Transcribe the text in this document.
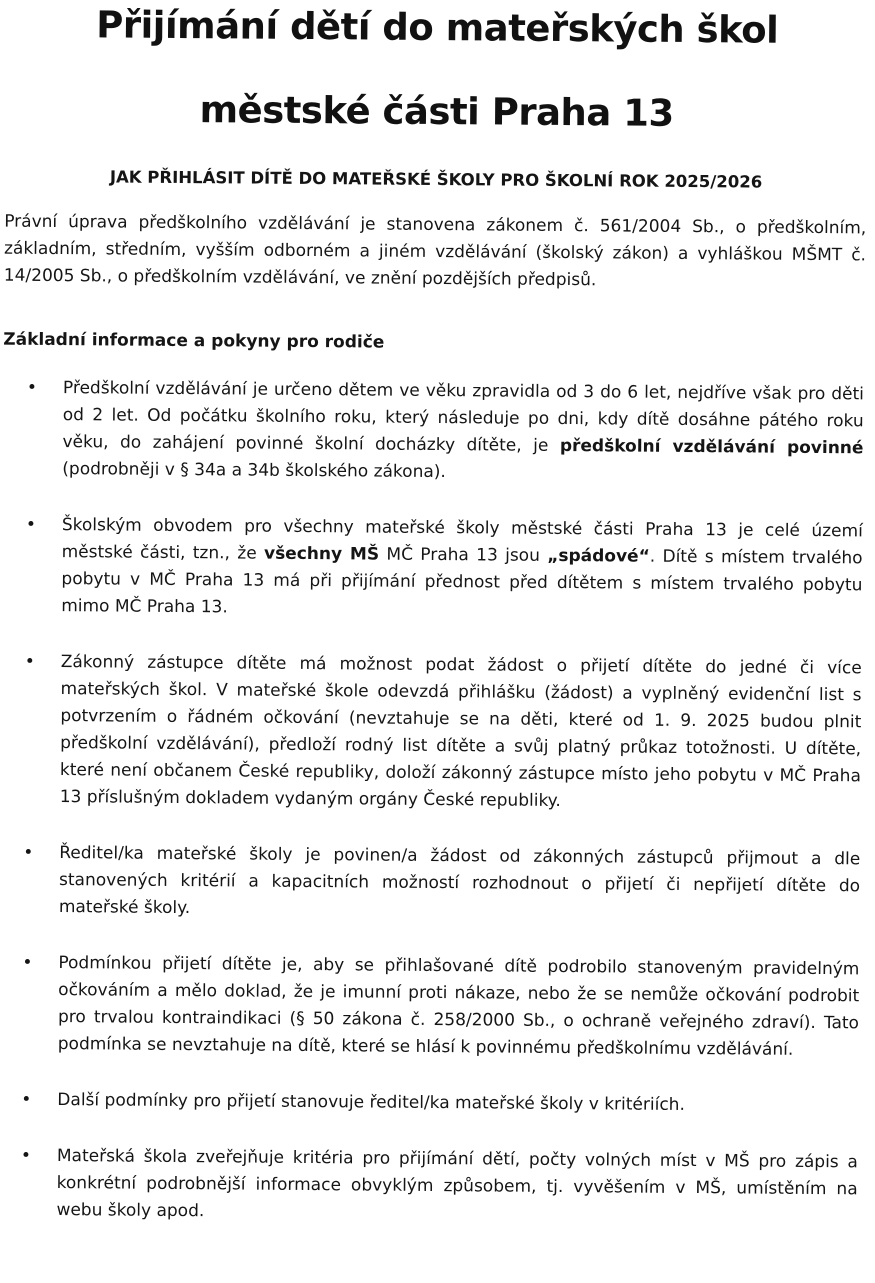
Přijímání dětí do mateřských škol
městské části Praha 13
JAK PŘIHLÁSIT DÍTĚ DO MATEŘSKÉ ŠKOLY PRO ŠKOLNÍ ROK 2025/2026

Právní úprava předškolního vzdělávání je stanovena zákonem č. 561/2004 Sb., o předškolním, základním, středním, vyšším odborném a jiném vzdělávání (školský zákon) a vyhláškou MŠMT č. 14/2005 Sb., o předškolním vzdělávání, ve znění pozdějších předpisů.

Základní informace a pokyny pro rodiče
• Předškolní vzdělávání je určeno dětem ve věku zpravidla od 3 do 6 let, nejdříve však pro děti od 2 let. Od počátku školního roku, který následuje po dni, kdy dítě dosáhne pátého roku věku, do zahájení povinné školní docházky dítěte, je předškolní vzdělávání povinné (podrobněji v § 34a a 34b školského zákona).
• Školským obvodem pro všechny mateřské školy městské části Praha 13 je celé území městské části, tzn., že všechny MŠ MČ Praha 13 jsou „spádové“. Dítě s místem trvalého pobytu v MČ Praha 13 má při přijímání přednost před dítětem s místem trvalého pobytu mimo MČ Praha 13.
• Zákonný zástupce dítěte má možnost podat žádost o přijetí dítěte do jedné či více mateřských škol. V mateřské škole odevzdá přihlášku (žádost) a vyplněný evidenční list s potvrzením o řádném očkování (nevztahuje se na děti, které od 1. 9. 2025 budou plnit předškolní vzdělávání), předloží rodný list dítěte a svůj platný průkaz totožnosti. U dítěte, které není občanem České republiky, doloží zákonný zástupce místo jeho pobytu v MČ Praha 13 příslušným dokladem vydaným orgány České republiky.
• Ředitel/ka mateřské školy je povinen/a žádost od zákonných zástupců přijmout a dle stanovených kritérií a kapacitních možností rozhodnout o přijetí či nepřijetí dítěte do mateřské školy.
• Podmínkou přijetí dítěte je, aby se přihlašované dítě podrobilo stanoveným pravidelným očkováním a mělo doklad, že je imunní proti nákaze, nebo že se nemůže očkování podrobit pro trvalou kontraindikaci (§ 50 zákona č. 258/2000 Sb., o ochraně veřejného zdraví). Tato podmínka se nevztahuje na dítě, které se hlásí k povinnému předškolnímu vzdělávání.
• Další podmínky pro přijetí stanovuje ředitel/ka mateřské školy v kritériích.
• Mateřská škola zveřejňuje kritéria pro přijímání dětí, počty volných míst v MŠ pro zápis a konkrétní podrobnější informace obvyklým způsobem, tj. vyvěšením v MŠ, umístěním na webu školy apod.
